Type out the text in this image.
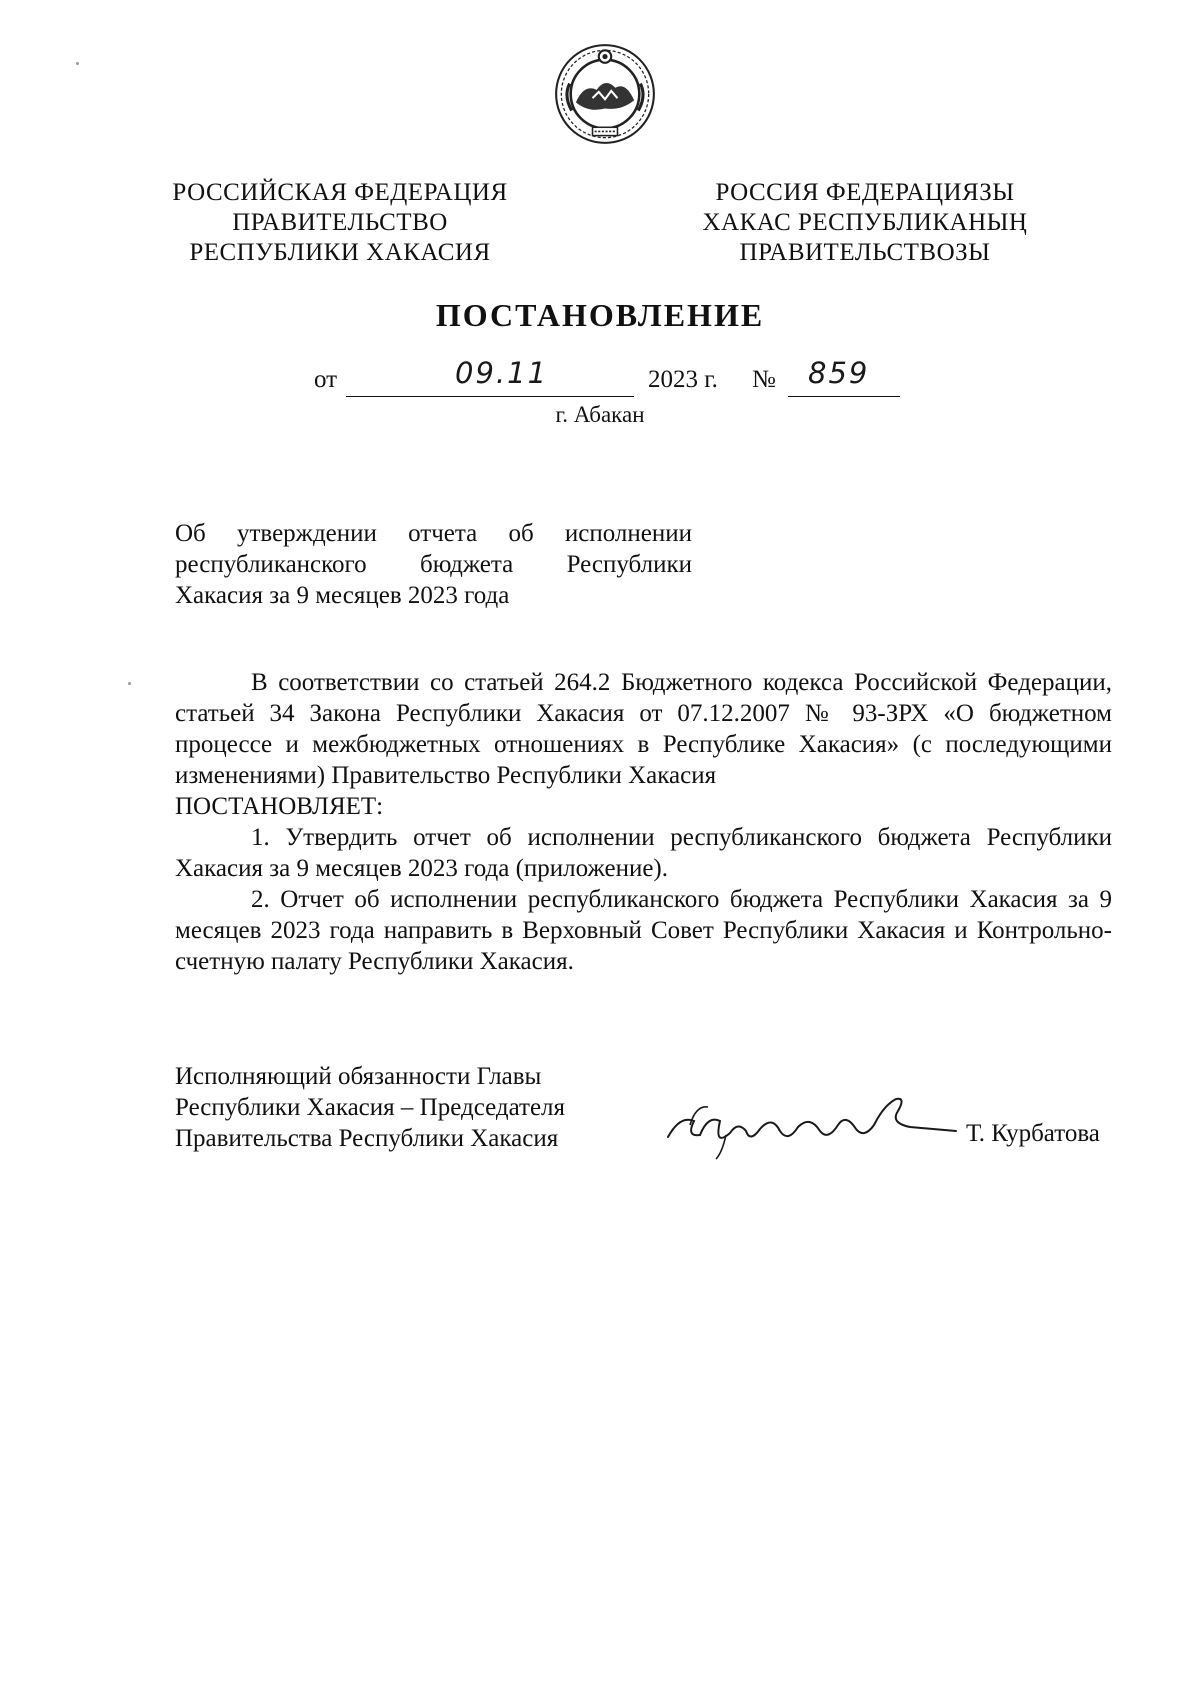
РОССИЙСКАЯ ФЕДЕРАЦИЯ
ПРАВИТЕЛЬСТВО
РЕСПУБЛИКИ ХАКАСИЯ
РОССИЯ ФЕДЕРАЦИЯЗЫ
ХАКАС РЕСПУБЛИКАНЫҢ
ПРАВИТЕЛЬСТВОЗЫ
ПОСТАНОВЛЕНИЕ
от	09.11	2023 г. № 859
г. Абакан
Об утверждении отчета об исполнении
республиканского бюджета Республики
Хакасия за 9 месяцев 2023 года

В соответствии со статьей 264.2 Бюджетного кодекса Российской Федерации, статьей 34 Закона Республики Хакасия от 07.12.2007 № 93-ЗРХ «О бюджетном процессе и межбюджетных отношениях в Республике Хакасия» (с последующими изменениями) Правительство Республики Хакасия

ПОСТАНОВЛЯЕТ:

1. Утвердить отчет об исполнении республиканского бюджета Республики Хакасия за 9 месяцев 2023 года (приложение).

2. Отчет об исполнении республиканского бюджета Республики Хакасия за 9 месяцев 2023 года направить в Верховный Совет Республики Хакасия и Контрольно-счетную палату Республики Хакасия.

Исполняющий обязанности Главы
Республики Хакасия – Председателя
Правительства Республики Хакасия	Т. Курбатова
